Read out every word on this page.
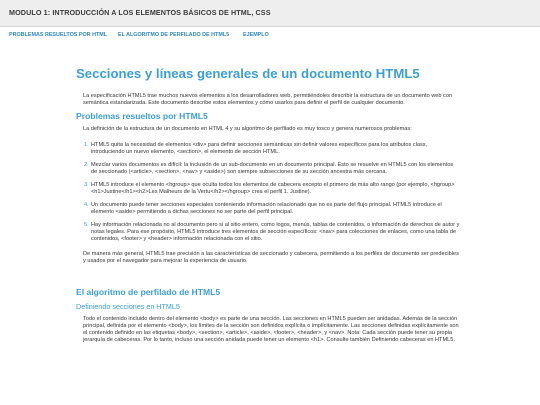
MODULO 1: INTRODUCCIÓN A LOS ELEMENTOS BÁSICOS DE HTML, CSS
PROBLEMAS RESUELTOS POR HTML EL ALGORITMO DE PERFILADO DE HTML5	EJEMPLO
Secciones y líneas generales de un documento HTML5

La especificación HTML5 trae muchos nuevos elementos a los desarrolladores web, permitiéndoles describir la estructura de un documento web con semántica estandarizada. Este documento describe estos elementos y cómo usarlos para definir el perfil de cualquier documento.

Problemas resueltos por HTML5

La definición de la estructura de un documento en HTML 4 y su algoritmo de perfilado es muy tosco y genera numerosos problemas:

1. HTML5 quita la necesidad de elementos <div> para definir secciones semánticas sin definir valores específicos para los atributos class, introduciendo un nuevo elemento, <section>, el elemento de sección HTML.
2. Mezclar varios documentos es difícil: la inclusión de un sub-documento en un documento principal. Esto se resuelve en HTML5 con los elementos de seccionado (<article>, <section>, <nav> y <aside>) son siempre subsecciones de su sección ancestra más cercana.
3. HTML5 introduce el elemento <hgroup> que oculta todos los elementos de cabecera excepto el primero de más alto rango (por ejemplo, <hgroup><h1>Justine</h1><h2>Les Malheurs de la Vertu</h2></hgroup> crea el perfil 1. Justine).
4. Un documento puede tener secciones especiales conteniendo información relacionado que no es parte del flujo principal. HTML5 introduce el elemento <aside> permitiendo a dichas secciones no ser parte del perfil principal.
5. Hay información relacionada no al documento pero si al sitio entero, como logos, menús, tablas de contenidos, o información de derechos de autor y notas legales. Para ese propósito, HTML5 introduce tres elementos de sección específicos: <nav> para colecciones de enlaces, como una tabla de contenidos, <footer> y <header> información relacionada con el sitio.

De manera más general, HTML5 trae precisión a las características de seccionado y cabecera, permitiendo a los perfiles de documento ser predecibles y usados por el navegador para mejorar la experiencia de usuario.

El algoritmo de perfilado de HTML5
Definiendo secciones en HTML5

Todo el contenido incluido dentro del elemento <body> es parte de una sección. Las secciones en HTML5 pueden ser anidadas. Además de la sección principal, definida por el elemento <body>, los límites de la sección son definidos explícita o implícitamente. Las secciones definidas explícitamente son el contenido definido en las etiquetas <body>, <section>, <article>, <aside>, <footer>, <header>, y <nav>. Nota: Cada sección puede tener su propia jerarquía de cabeceras. Por lo tanto, incluso una sección anidada puede tener un elemento <h1>. Consulte también Definiendo cabeceras en HTML5.
